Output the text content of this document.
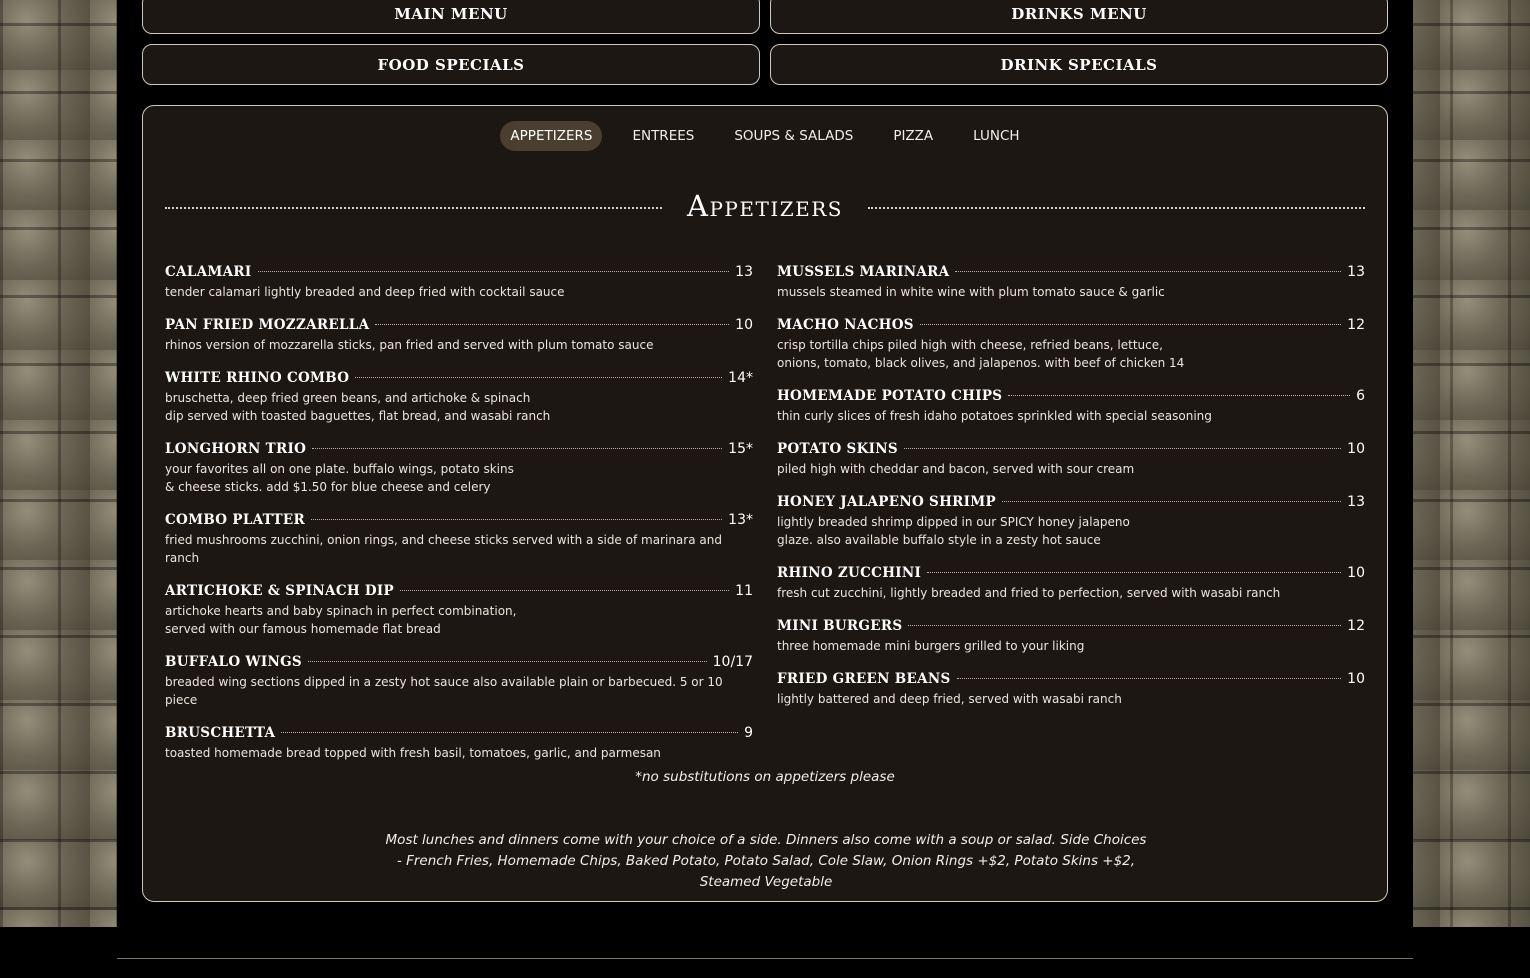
MAIN MENU	DRINKS MENU
FOOD SPECIALS	DRINK SPECIALS
APPETIZERS	ENTREES	SOUPS & SALADS	PIZZA	LUNCH
Appetizers
CALAMARI	13
tender calamari lightly breaded and deep fried with cocktail sauce
PAN FRIED MOZZARELLA	10
rhinos version of mozzarella sticks, pan fried and served with plum tomato sauce
WHITE RHINO COMBO	14*
bruschetta, deep fried green beans, and artichoke & spinach
dip served with toasted baguettes, flat bread, and wasabi ranch
LONGHORN TRIO	15*
your favorites all on one plate. buffalo wings, potato skins
& cheese sticks. add $1.50 for blue cheese and celery
COMBO PLATTER	13*
fried mushrooms zucchini, onion rings, and cheese sticks served with a side of marinara and ranch
ARTICHOKE & SPINACH DIP	11
artichoke hearts and baby spinach in perfect combination,
served with our famous homemade flat bread
BUFFALO WINGS	10/17
breaded wing sections dipped in a zesty hot sauce also available plain or barbecued. 5 or 10 piece
BRUSCHETTA	9
toasted homemade bread topped with fresh basil, tomatoes, garlic, and parmesan
MUSSELS MARINARA	13
mussels steamed in white wine with plum tomato sauce & garlic
MACHO NACHOS	12
crisp tortilla chips piled high with cheese, refried beans, lettuce,
onions, tomato, black olives, and jalapenos. with beef of chicken 14
HOMEMADE POTATO CHIPS	6
thin curly slices of fresh idaho potatoes sprinkled with special seasoning
POTATO SKINS	10
piled high with cheddar and bacon, served with sour cream
HONEY JALAPENO SHRIMP	13
lightly breaded shrimp dipped in our SPICY honey jalapeno
glaze. also available buffalo style in a zesty hot sauce
RHINO ZUCCHINI	10
fresh cut zucchini, lightly breaded and fried to perfection, served with wasabi ranch
MINI BURGERS	12
three homemade mini burgers grilled to your liking
FRIED GREEN BEANS	10
lightly battered and deep fried, served with wasabi ranch
*no substitutions on appetizers please
Most lunches and dinners come with your choice of a side. Dinners also come with a soup or salad. Side Choices - French Fries, Homemade Chips, Baked Potato, Potato Salad, Cole Slaw, Onion Rings +$2, Potato Skins +$2, Steamed Vegetable
